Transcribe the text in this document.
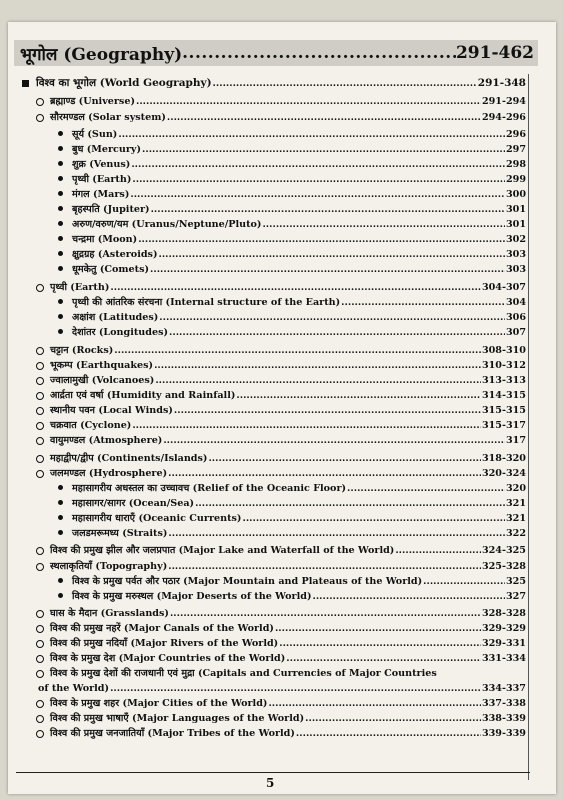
भूगोल (Geography) .....	291-462
विश्व का भूगोल (World Geography) .....	291-348
ब्रह्माण्ड (Universe) .....	291-294
सौरमण्डल (Solar system) .....	294-296
सूर्य (Sun) .....	296
बुध (Mercury) .....	297
शुक्र (Venus) .....	298
पृथ्वी (Earth) .....	299
मंगल (Mars) .....	300
बृहस्पति (Jupiter) .....	301
अरुण/वरुण/यम (Uranus/Neptune/Pluto) .....	301
चन्द्रमा (Moon) .....	302
क्षुद्रग्रह (Asteroids) .....	303
धूमकेतु (Comets) .....	303
पृथ्वी (Earth) .....	304-307
पृथ्वी की आंतरिक संरचना (Internal structure of the Earth) .....	304
अक्षांश (Latitudes) .....	306
देशांतर (Longitudes) .....	307
चट्टान (Rocks) .....	308-310
भूकम्प (Earthquakes) .....	310-312
ज्वालामुखी (Volcanoes) .....	313-313
आर्द्रता एवं वर्षा (Humidity and Rainfall) .....	314-315
स्थानीय पवन (Local Winds) .....	315-315
चक्रवात (Cyclone) .....	315-317
वायुमण्डल (Atmosphere) .....	317
महाद्वीप/द्वीप (Continents/Islands) .....	318-320
जलमण्डल (Hydrosphere) .....	320-324
महासागरीय अधस्तल का उच्चावच (Relief of the Oceanic Floor) .....	320
महासागर/सागर (Ocean/Sea) .....	321
महासागरीय धाराएँ (Oceanic Currents) .....	321
जलडमरूमध्य (Straits) .....	322
विश्व की प्रमुख झील और जलप्रपात (Major Lake and Waterfall of the World) .....	324-325
स्थलाकृतियाँ (Topography) .....	325-328
विश्व के प्रमुख पर्वत और पठार (Major Mountain and Plateaus of the World) .....	325
विश्व के प्रमुख मरुस्थल (Major Deserts of the World) .....	327
घास के मैदान (Grasslands) .....	328-328
विश्व की प्रमुख नहरें (Major Canals of the World) .....	329-329
विश्व की प्रमुख नदियाँ (Major Rivers of the World) .....	329-331
विश्व के प्रमुख देश (Major Countries of the World) .....	331-334
विश्व के प्रमुख देशों की राजधानी एवं मुद्रा (Capitals and Currencies of Major Countries
of the World) .....	334-337
विश्व के प्रमुख शहर (Major Cities of the World) .....	337-338
विश्व की प्रमुख भाषाएँ (Major Languages of the World) .....	338-339
विश्व की प्रमुख जनजातियाँ (Major Tribes of the World) .....	339-339
5
